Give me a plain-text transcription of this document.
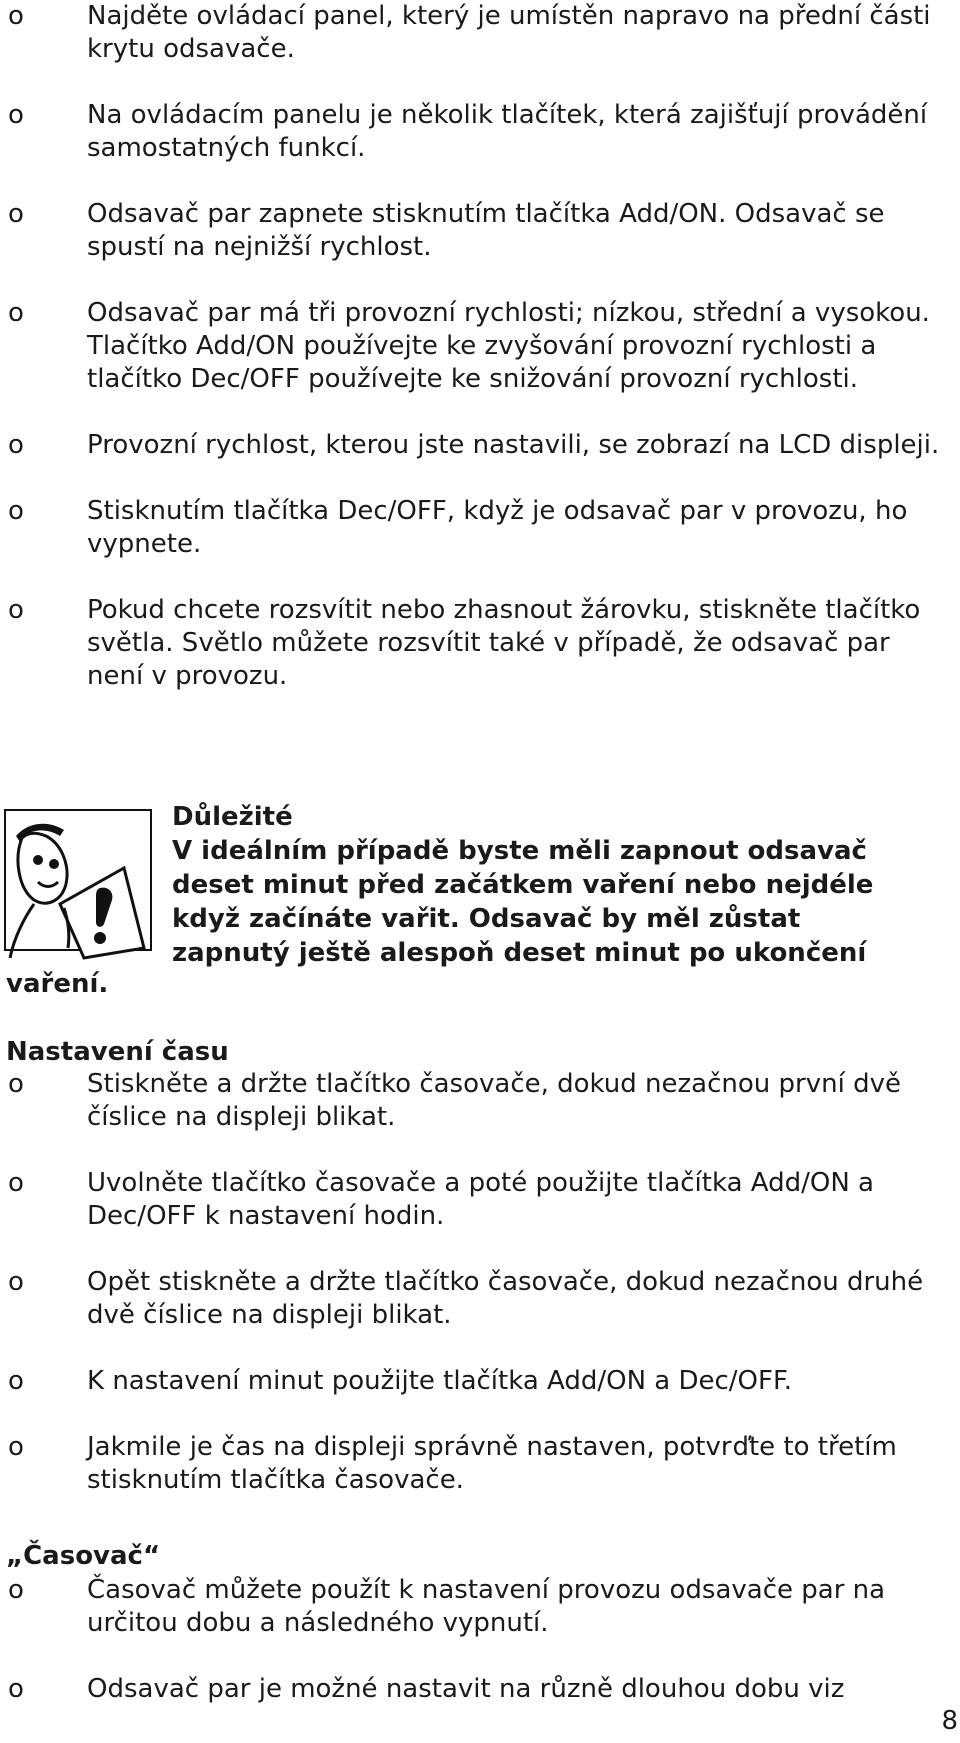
o Najděte ovládací panel, který je umístěn napravo na přední části krytu odsavače.
o Na ovládacím panelu je několik tlačítek, která zajišťují provádění samostatných funkcí.
o Odsavač par zapnete stisknutím tlačítka Add/ON. Odsavač se spustí na nejnižší rychlost.
o Odsavač par má tři provozní rychlosti; nízkou, střední a vysokou. Tlačítko Add/ON používejte ke zvyšování provozní rychlosti a tlačítko Dec/OFF používejte ke snižování provozní rychlosti.
o Provozní rychlost, kterou jste nastavili, se zobrazí na LCD displeji.
o Stisknutím tlačítka Dec/OFF, když je odsavač par v provozu, ho vypnete.
o Pokud chcete rozsvítit nebo zhasnout žárovku, stiskněte tlačítko světla. Světlo můžete rozsvítit také v případě, že odsavač par není v provozu.
Důležité
V ideálním případě byste měli zapnout odsavač
deset minut před začátkem vaření nebo nejdéle
když začínáte vařit. Odsavač by měl zůstat
zapnutý ještě alespoň deset minut po ukončení
vaření.
Nastavení času
o Stiskněte a držte tlačítko časovače, dokud nezačnou první dvě číslice na displeji blikat.
o Uvolněte tlačítko časovače a poté použijte tlačítka Add/ON a Dec/OFF k nastavení hodin.
o Opět stiskněte a držte tlačítko časovače, dokud nezačnou druhé dvě číslice na displeji blikat.
o K nastavení minut použijte tlačítka Add/ON a Dec/OFF.
o Jakmile je čas na displeji správně nastaven, potvrďte to třetím stisknutím tlačítka časovače.
„Časovač“
o Časovač můžete použít k nastavení provozu odsavače par na určitou dobu a následného vypnutí.
o Odsavač par je možné nastavit na různě dlouhou dobu viz
8
